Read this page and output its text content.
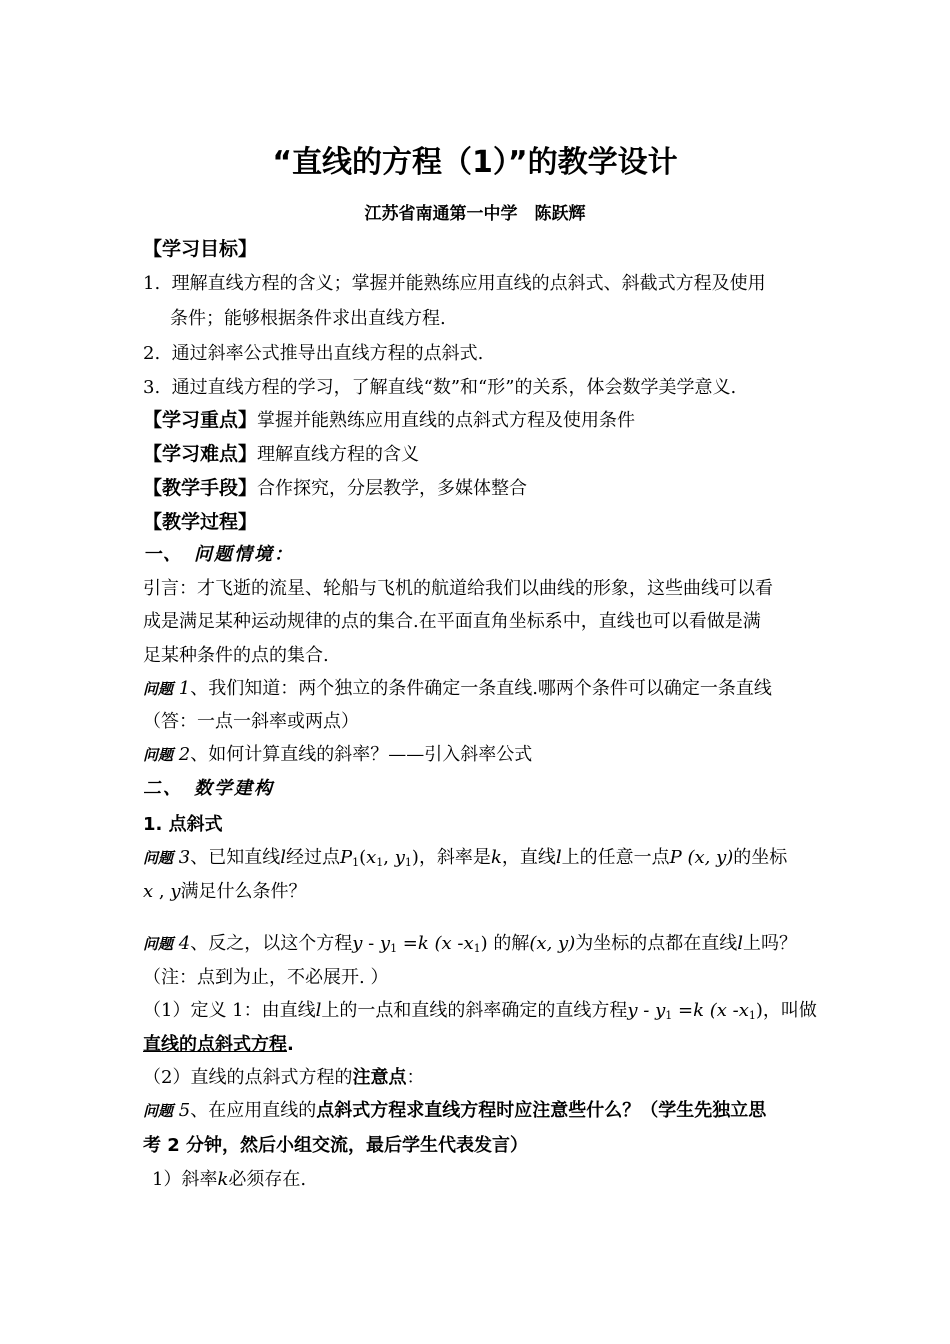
“直线的方程（1）”的教学设计
江苏省南通第一中学　陈跃辉
【学习目标】
1. 理解直线方程的含义；掌握并能熟练应用直线的点斜式、斜截式方程及使用
条件；能够根据条件求出直线方程.
2. 通过斜率公式推导出直线方程的点斜式.
3. 通过直线方程的学习，了解直线“数”和“形”的关系，体会数学美学意义.
【学习重点】掌握并能熟练应用直线的点斜式方程及使用条件
【学习难点】理解直线方程的含义
【教学手段】合作探究，分层教学，多媒体整合
【教学过程】
一、　问题情境：
引言：才飞逝的流星、轮船与飞机的航道给我们以曲线的形象，这些曲线可以看
成是满足某种运动规律的点的集合.在平面直角坐标系中，直线也可以看做是满
足某种条件的点的集合.
问题 1、我们知道：两个独立的条件确定一条直线.哪两个条件可以确定一条直线
（答：一点一斜率或两点）
问题 2、如何计算直线的斜率？——引入斜率公式
二、　数学建构
1. 点斜式
问题 3、已知直线l经过点$P_1(x_1$, $y_1$)，斜率是k，直线l上的任意一点P (x, y)的坐标
x , y满足什么条件？
问题 4、反之，以这个方程$y - y_1 =k$ (x $-x_1$) 的解(x, y)为坐标的点都在直线l上吗？
（注：点到为止，不必展开. ）
（1）定义 1：由直线l上的一点和直线的斜率确定的直线方程$y - y_1 =k$ (x $-x_1$)，叫做
直线的点斜式方程.
（2）直线的点斜式方程的注意点：
问题 5、在应用直线的点斜式方程求直线方程时应注意些什么？（学生先独立思
考 2 分钟，然后小组交流，最后学生代表发言）
1）斜率k必须存在.
